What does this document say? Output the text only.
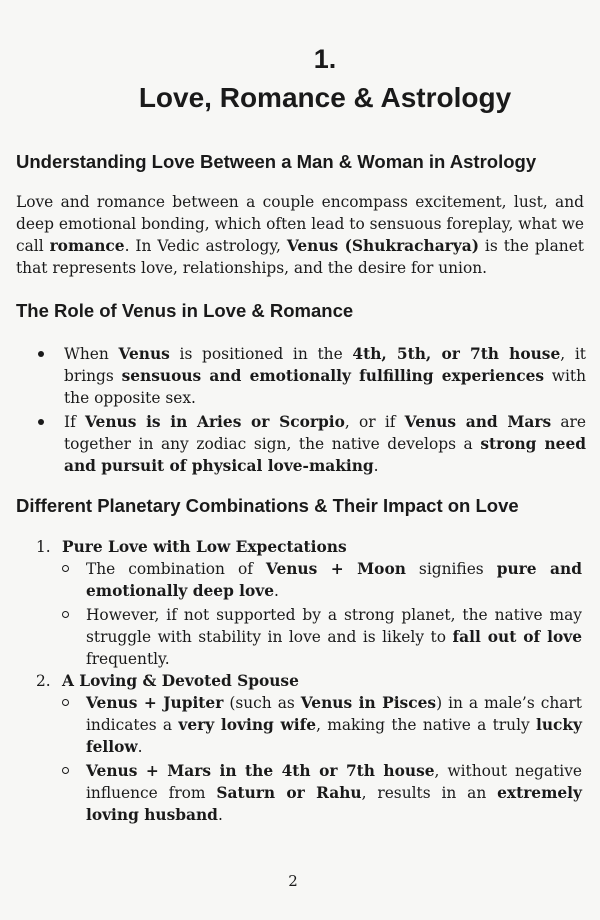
1.
Love, Romance & Astrology
Understanding Love Between a Man & Woman in Astrology

Love and romance between a couple encompass excitement, lust, and deep emotional bonding, which often lead to sensuous foreplay, what we call romance. In Vedic astrology, Venus (Shukracharya) is the planet that represents love, relationships, and the desire for union.

The Role of Venus in Love & Romance

When Venus is positioned in the 4th, 5th, or 7th house, it brings sensuous and emotionally fulfilling experiences with the opposite sex.

If Venus is in Aries or Scorpio, or if Venus and Mars are together in any zodiac sign, the native develops a strong need and pursuit of physical love-making.

Different Planetary Combinations & Their Impact on Love
1. Pure Love with Low Expectations

The combination of Venus + Moon signifies pure and emotionally deep love.

However, if not supported by a strong planet, the native may struggle with stability in love and is likely to fall out of love frequently.

2. A Loving & Devoted Spouse

Venus + Jupiter (such as Venus in Pisces) in a male’s chart indicates a very loving wife, making the native a truly lucky fellow.

Venus + Mars in the 4th or 7th house, without negative influence from Saturn or Rahu, results in an extremely loving husband.

2
